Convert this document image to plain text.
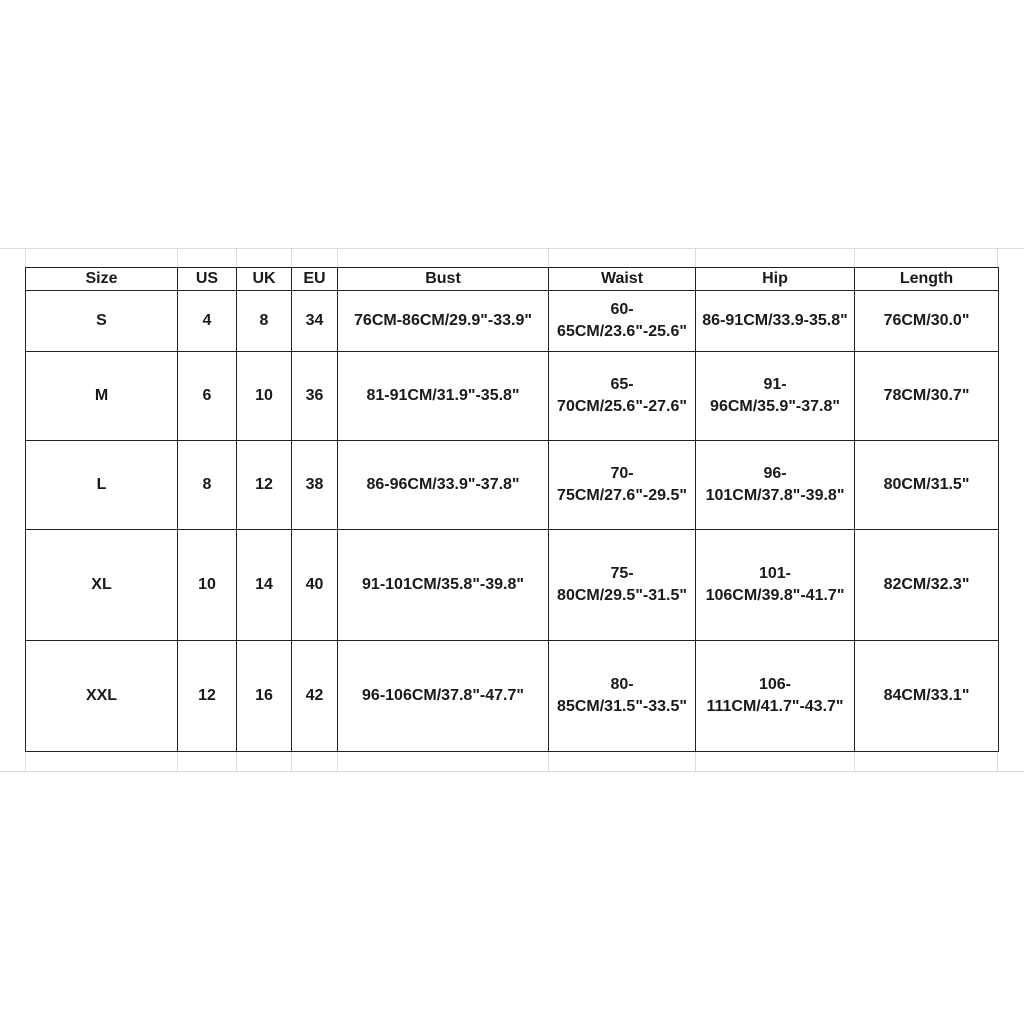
Size	US	UK	EU	Bust	Waist	Hip	Length
S	4	8	34	76CM-86CM/29.9"-33.9"	60-65CM/23.6"-25.6"	86-91CM/33.9-35.8"	76CM/30.0"
M	6	10	36	81-91CM/31.9"-35.8"	65-70CM/25.6"-27.6"	91-96CM/35.9"-37.8"	78CM/30.7"
L	8	12	38	86-96CM/33.9"-37.8"	70-75CM/27.6"-29.5"	96-101CM/37.8"-39.8"	80CM/31.5"
XL	10	14	40	91-101CM/35.8"-39.8"	75-80CM/29.5"-31.5"	101-106CM/39.8"-41.7"	82CM/32.3"
XXL	12	16	42	96-106CM/37.8"-47.7"	80-85CM/31.5"-33.5"	106-111CM/41.7"-43.7"	84CM/33.1"
